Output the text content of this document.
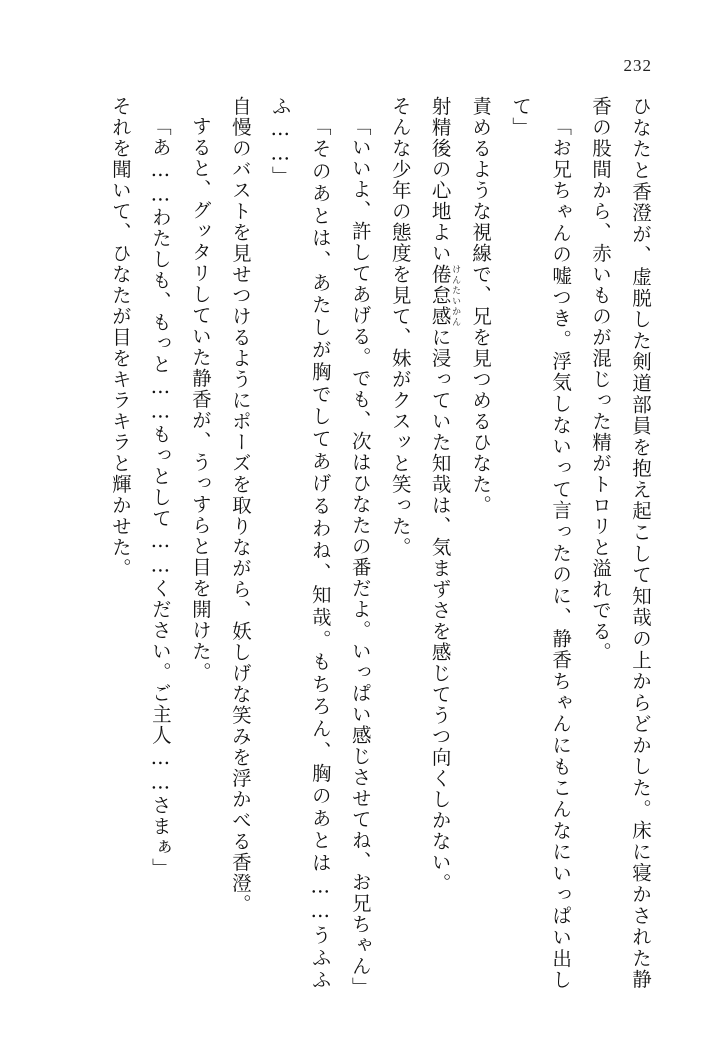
232

ひなたと香澄が、虚脱した剣道部員を抱え起こして知哉の上からどかした。床に寝かされた静香の股間から、赤いものが混じった精がトロリと溢れでる。

「お兄ちゃんの嘘つき。浮気しないって言ったのに、静香ちゃんにもこんなにいっぱい出して」

責めるような視線で、兄を見つめるひなた。

射精後の心地よい倦怠感けんたいかんに浸っていた知哉は、気まずさを感じてうつ向くしかない。

そんな少年の態度を見て、妹がクスッと笑った。

「いいよ、許してあげる。でも、次はひなたの番だよ。いっぱい感じさせてね、お兄ちゃん」

「そのあとは、あたしが胸でしてあげるわね、知哉。もちろん、胸のあとは……うふふふ……」

自慢のバストを見せつけるようにポーズを取りながら、妖しげな笑みを浮かべる香澄。

すると、グッタリしていた静香が、うっすらと目を開けた。

「あ……わたしも、もっと……もっとして……ください。ご主人……さまぁ」

それを聞いて、ひなたが目をキラキラと輝かせた。
